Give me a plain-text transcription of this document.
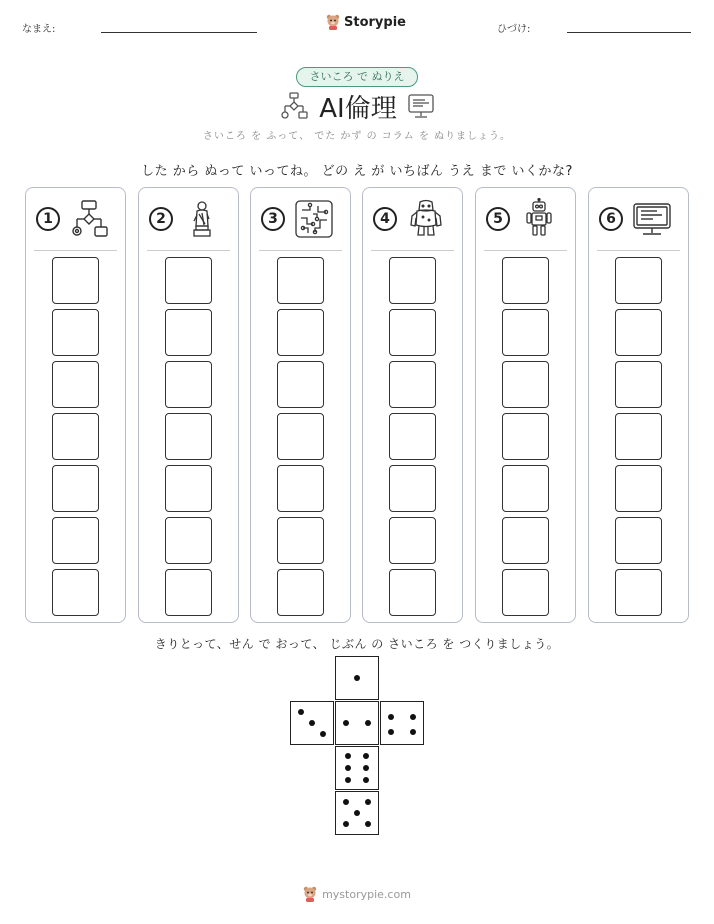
なまえ:	Storypie	ひづけ:
さいころ で ぬりえ
AI倫理
さいころ を ふって、 でた かず の コラム を ぬりましょう。
した から ぬって いってね。 どの え が いちばん うえ まで いくかな?
1	2	3	4	5	6
きりとって、せん で おって、 じぶん の さいころ を つくりましょう。
mystorypie.com
